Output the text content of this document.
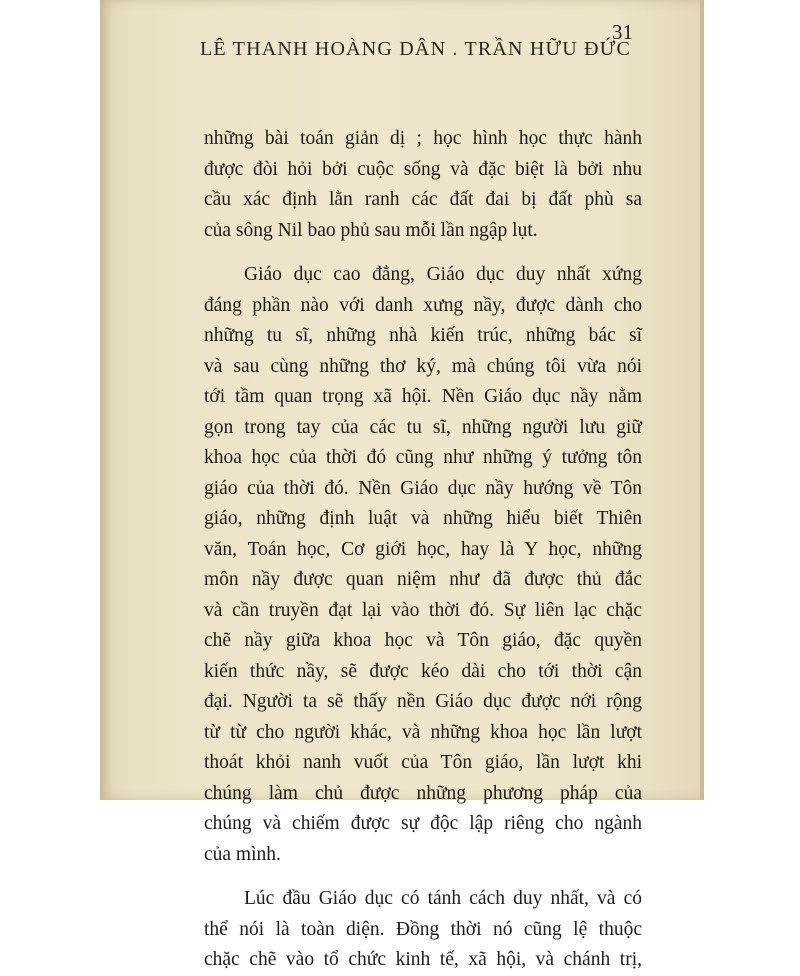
LÊ THANH HOÀNG DÂN . TRẦN HỮU ĐỨC
31
những bài toán giản dị ; học hình học thực hành
được đòi hỏi bởi cuộc sống và đặc biệt là bởi nhu
cầu xác định lằn ranh các đất đai bị đất phù sa
của sông Nil bao phủ sau mỗi lần ngập lụt.
Giáo dục cao đẳng, Giáo dục duy nhất xứng
đáng phần nào với danh xưng nầy, được dành cho
những tu sĩ, những nhà kiến trúc, những bác sĩ
và sau cùng những thơ ký, mà chúng tôi vừa nói
tới tầm quan trọng xã hội. Nền Giáo dục nầy nằm
gọn trong tay của các tu sĩ, những người lưu giữ
khoa học của thời đó cũng như những ý tưởng tôn
giáo của thời đó. Nền Giáo dục nầy hướng về Tôn
giáo, những định luật và những hiểu biết Thiên
văn, Toán học, Cơ giới học, hay là Y học, những
môn nầy được quan niệm như đã được thủ đắc
và cần truyền đạt lại vào thời đó. Sự liên lạc chặc
chẽ nầy giữa khoa học và Tôn giáo, đặc quyền
kiến thức nầy, sẽ được kéo dài cho tới thời cận
đại. Người ta sẽ thấy nền Giáo dục được nới rộng
từ từ cho người khác, và những khoa học lần lượt
thoát khỏi nanh vuốt của Tôn giáo, lần lượt khi
chúng làm chủ được những phương pháp của
chúng và chiếm được sự độc lập riêng cho ngành
của mình.
Lúc đầu Giáo dục có tánh cách duy nhất, và có
thể nói là toàn diện. Đồng thời nó cũng lệ thuộc
chặc chẽ vào tổ chức kinh tế, xã hội, và chánh trị,
